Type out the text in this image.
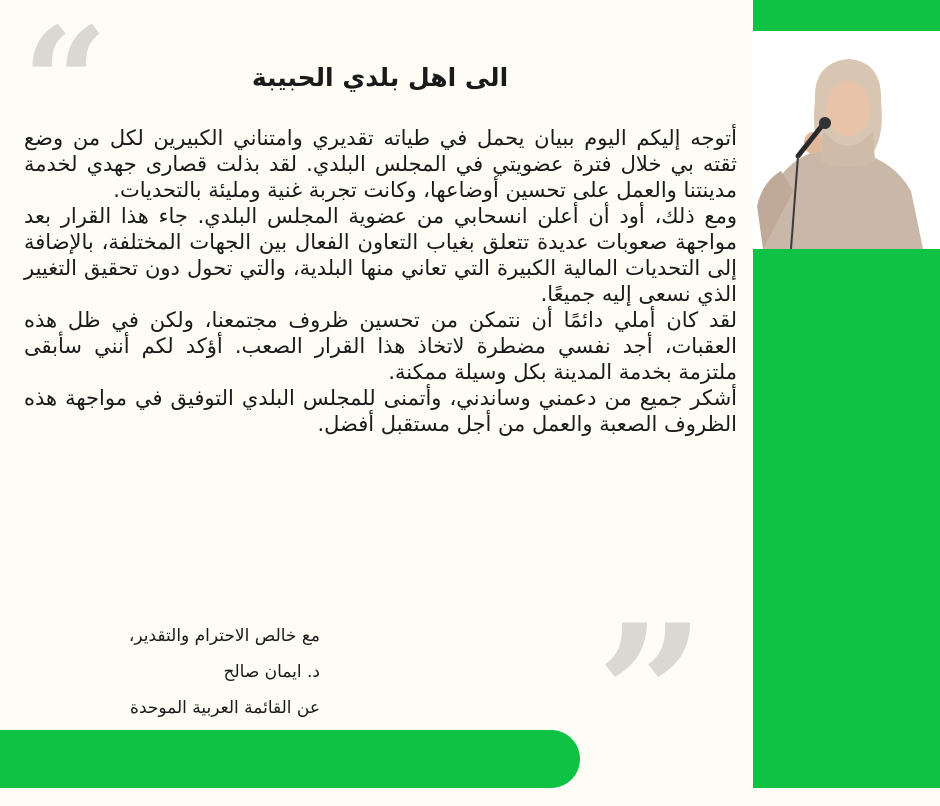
“	الى اهل بلدي الحبيبة

أتوجه إليكم اليوم ببيان يحمل في طياته تقديري وامتناني الكبيرين لكل من وضع ثقته بي خلال فترة عضويتي في المجلس البلدي. لقد بذلت قصارى جهدي لخدمة مدينتنا والعمل على تحسين أوضاعها، وكانت تجربة غنية ومليئة بالتحديات.

ومع ذلك، أود أن أعلن انسحابي من عضوية المجلس البلدي. جاء هذا القرار بعد مواجهة صعوبات عديدة تتعلق بغياب التعاون الفعال بين الجهات المختلفة، بالإضافة إلى التحديات المالية الكبيرة التي تعاني منها البلدية، والتي تحول دون تحقيق التغيير الذي نسعى إليه جميعًا.

لقد كان أملي دائمًا أن نتمكن من تحسين ظروف مجتمعنا، ولكن في ظل هذه العقبات، أجد نفسي مضطرة لاتخاذ هذا القرار الصعب. أؤكد لكم أنني سأبقى ملتزمة بخدمة المدينة بكل وسيلة ممكنة.

أشكر جميع من دعمني وساندني، وأتمنى للمجلس البلدي التوفيق في مواجهة هذه الظروف الصعبة والعمل من أجل مستقبل أفضل.

مع خالص الاحترام والتقدير،
د. ايمان صالح
عن القائمة العربية الموحدة ”
